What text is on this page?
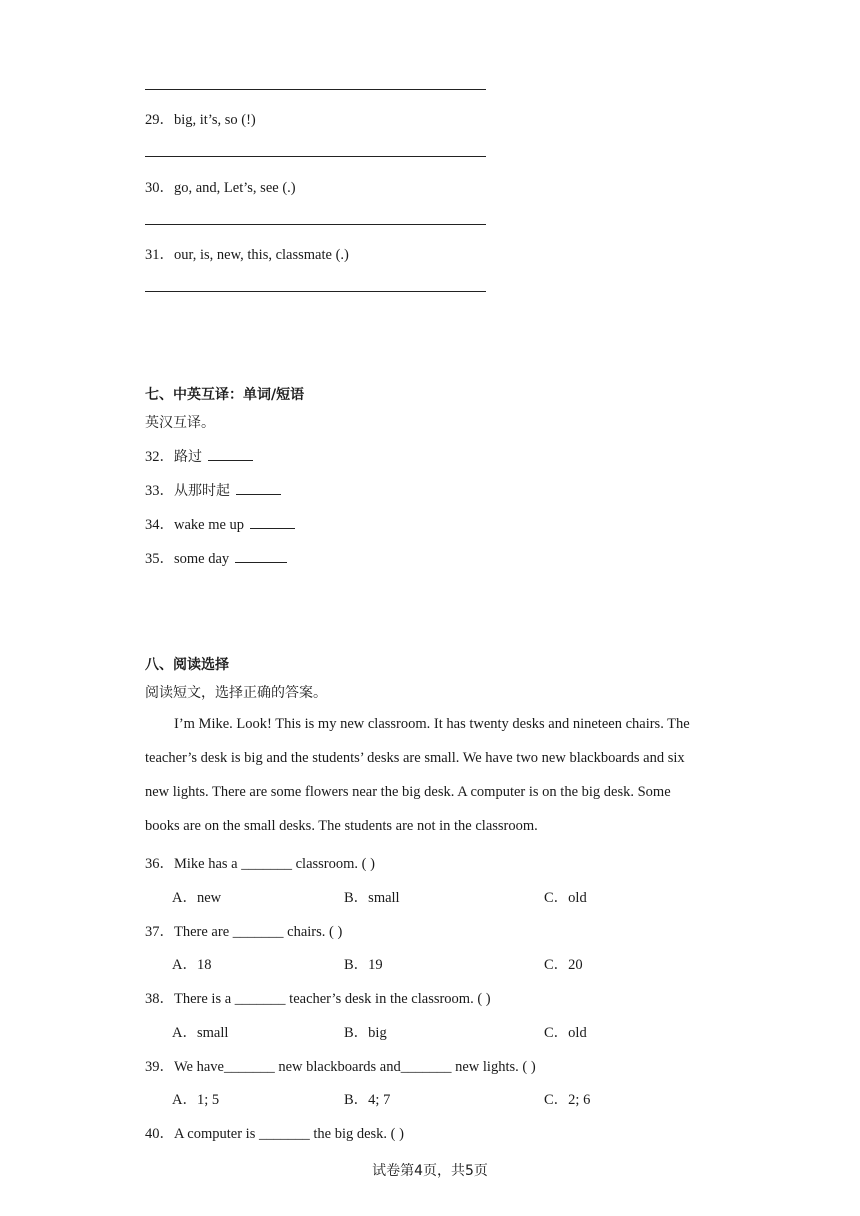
29．big, it’s, so (!)
30．go, and, Let’s, see (.)
31．our, is, new, this, classmate (.)
七、中英互译：单词/短语
英汉互译。
32．路过
33．从那时起
34．wake me up
35．some day
八、阅读选择
阅读短文，选择正确的答案。
I’m Mike. Look! This is my new classroom. It has twenty desks and nineteen chairs. The
teacher’s desk is big and the students’ desks are small. We have two new blackboards and six
new lights. There are some flowers near the big desk. A computer is on the big desk. Some
books are on the small desks. The students are not in the classroom.
36．Mike has a _______ classroom. ( )
A．new	B．small	C．old
37．There are _______ chairs. ( )
A．18	B．19	C．20
38．There is a _______ teacher’s desk in the classroom. ( )
A．small	B．big	C．old
39．We have_______ new blackboards and_______ new lights. ( )
A．1; 5	B．4; 7	C．2; 6
40．A computer is _______ the big desk. ( )
试卷第4页，共5页
